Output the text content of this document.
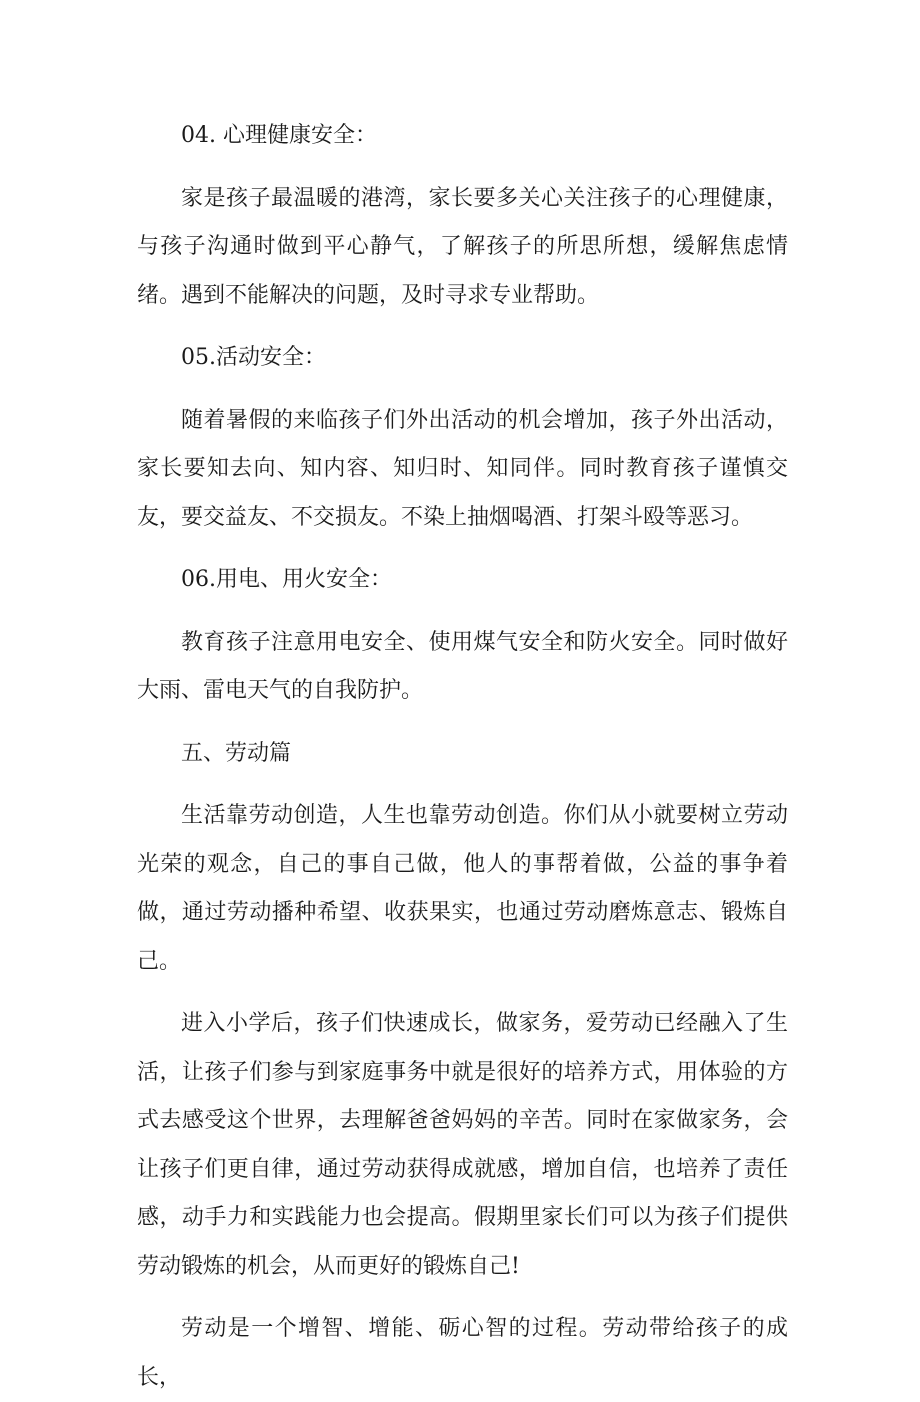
04. 心理健康安全：

家是孩子最温暖的港湾，家长要多关心关注孩子的心理健康，与孩子沟通时做到平心静气，了解孩子的所思所想，缓解焦虑情绪。遇到不能解决的问题，及时寻求专业帮助。

05.活动安全：

随着暑假的来临孩子们外出活动的机会增加，孩子外出活动，家长要知去向、知内容、知归时、知同伴。同时教育孩子谨慎交友，要交益友、不交损友。不染上抽烟喝酒、打架斗殴等恶习。

06.用电、用火安全：

教育孩子注意用电安全、使用煤气安全和防火安全。同时做好大雨、雷电天气的自我防护。

五、劳动篇

生活靠劳动创造，人生也靠劳动创造。你们从小就要树立劳动光荣的观念，自己的事自己做，他人的事帮着做，公益的事争着做，通过劳动播种希望、收获果实，也通过劳动磨炼意志、锻炼自己。

进入小学后，孩子们快速成长，做家务，爱劳动已经融入了生活，让孩子们参与到家庭事务中就是很好的培养方式，用体验的方式去感受这个世界，去理解爸爸妈妈的辛苦。同时在家做家务，会让孩子们更自律，通过劳动获得成就感，增加自信，也培养了责任感，动手力和实践能力也会提高。假期里家长们可以为孩子们提供劳动锻炼的机会，从而更好的锻炼自己!

劳动是一个增智、增能、砺心智的过程。劳动带给孩子的成长，
